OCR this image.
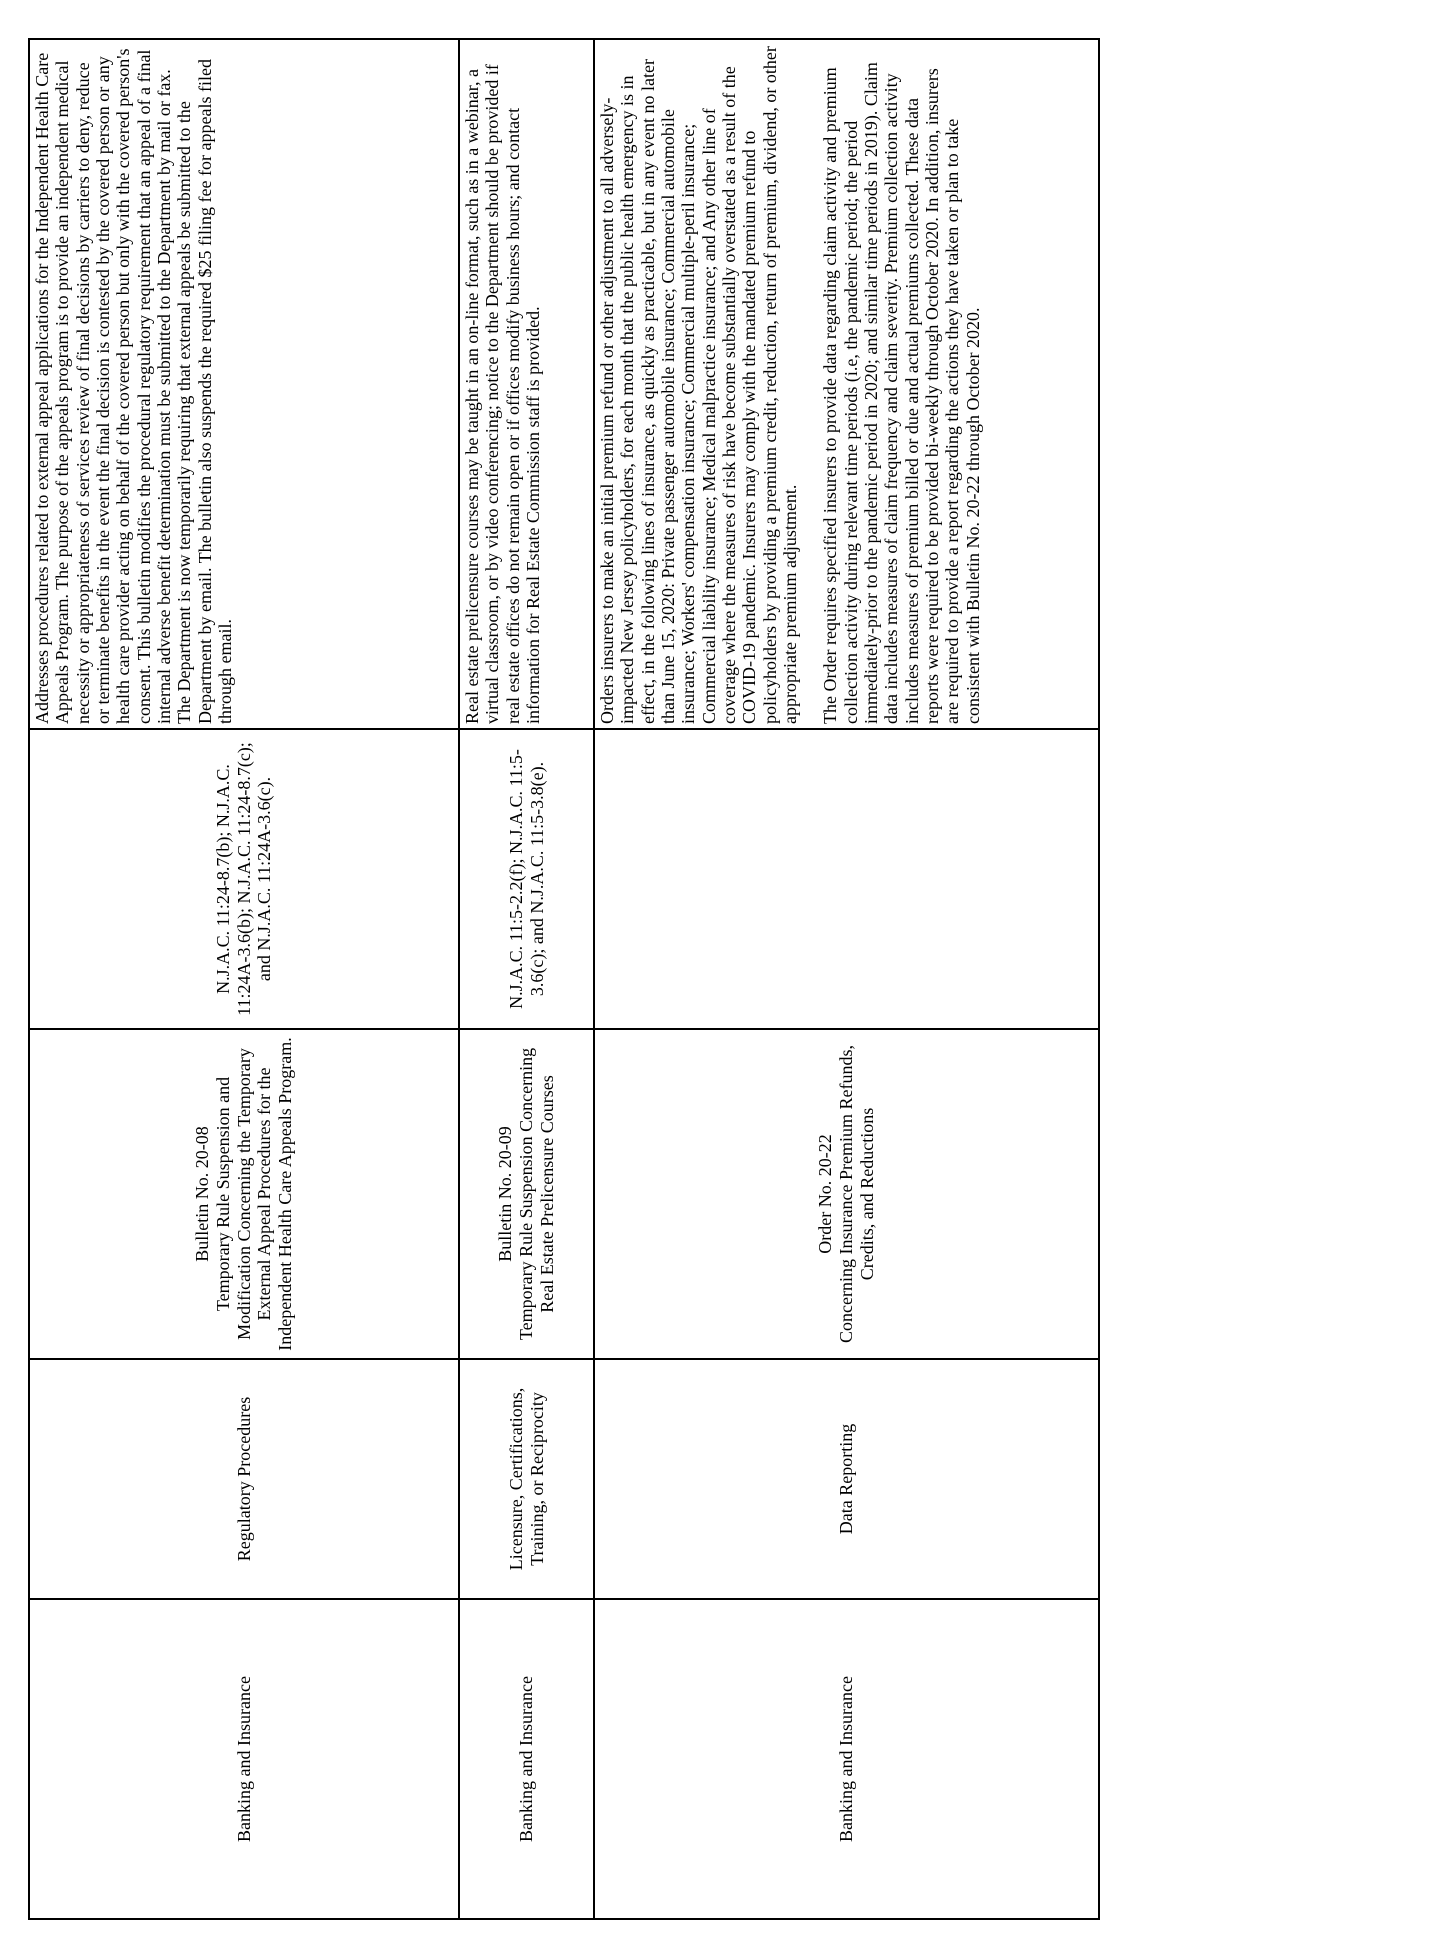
Banking and Insurance	Regulatory Procedures	Bulletin No. 20-08 Temporary Rule Suspension and Modification Concerning the Temporary External Appeal Procedures for the Independent Health Care Appeals Program.	N.J.A.C. 11:24-8.7(b); N.J.A.C. 11:24A-3.6(b); N.J.A.C. 11:24-8.7(c); and N.J.A.C. 11:24A-3.6(c).	Addresses procedures related to external appeal applications for the Independent Health Care Appeals Program. The purpose of the appeals program is to provide an independent medical necessity or appropriateness of services review of final decisions by carriers to deny, reduce or terminate benefits in the event the final decision is contested by the covered person or any health care provider acting on behalf of the covered person but only with the covered person's consent. This bulletin modifies the procedural regulatory requirement that an appeal of a final internal adverse benefit determination must be submitted to the Department by mail or fax. The Department is now temporarily requiring that external appeals be submitted to the Department by email. The bulletin also suspends the required $25 filing fee for appeals filed through email.
Banking and Insurance	Licensure, Certifications, Training, or Reciprocity	Bulletin No. 20-09 Temporary Rule Suspension Concerning Real Estate Prelicensure Courses	N.J.A.C. 11:5-2.2(f); N.J.A.C. 11:5-3.6(c); and N.J.A.C. 11:5-3.8(e).	Real estate prelicensure courses may be taught in an on-line format, such as in a webinar, a virtual classroom, or by video conferencing; notice to the Department should be provided if real estate offices do not remain open or if offices modify business hours; and contact information for Real Estate Commission staff is provided.
Banking and Insurance	Data Reporting	Order No. 20-22 Concerning Insurance Premium Refunds, Credits, and Reductions		Orders insurers to make an initial premium refund or other adjustment to all adversely-impacted New Jersey policyholders, for each month that the public health emergency is in effect, in the following lines of insurance, as quickly as practicable, but in any event no later than June 15, 2020: Private passenger automobile insurance; Commercial automobile insurance; Workers' compensation insurance; Commercial multiple-peril insurance; Commercial liability insurance; Medical malpractice insurance; and Any other line of coverage where the measures of risk have become substantially overstated as a result of the COVID-19 pandemic. Insurers may comply with the mandated premium refund to policyholders by providing a premium credit, reduction, return of premium, dividend, or other appropriate premium adjustment. The Order requires specified insurers to provide data regarding claim activity and premium collection activity during relevant time periods (i.e, the pandemic period; the period immediately-prior to the pandemic period in 2020; and similar time periods in 2019). Claim data includes measures of claim frequency and claim severity. Premium collection activity includes measures of premium billed or due and actual premiums collected. These data reports were required to be provided bi-weekly through October 2020. In addition, insurers are required to provide a report regarding the actions they have taken or plan to take consistent with Bulletin No. 20-22 through October 2020.
